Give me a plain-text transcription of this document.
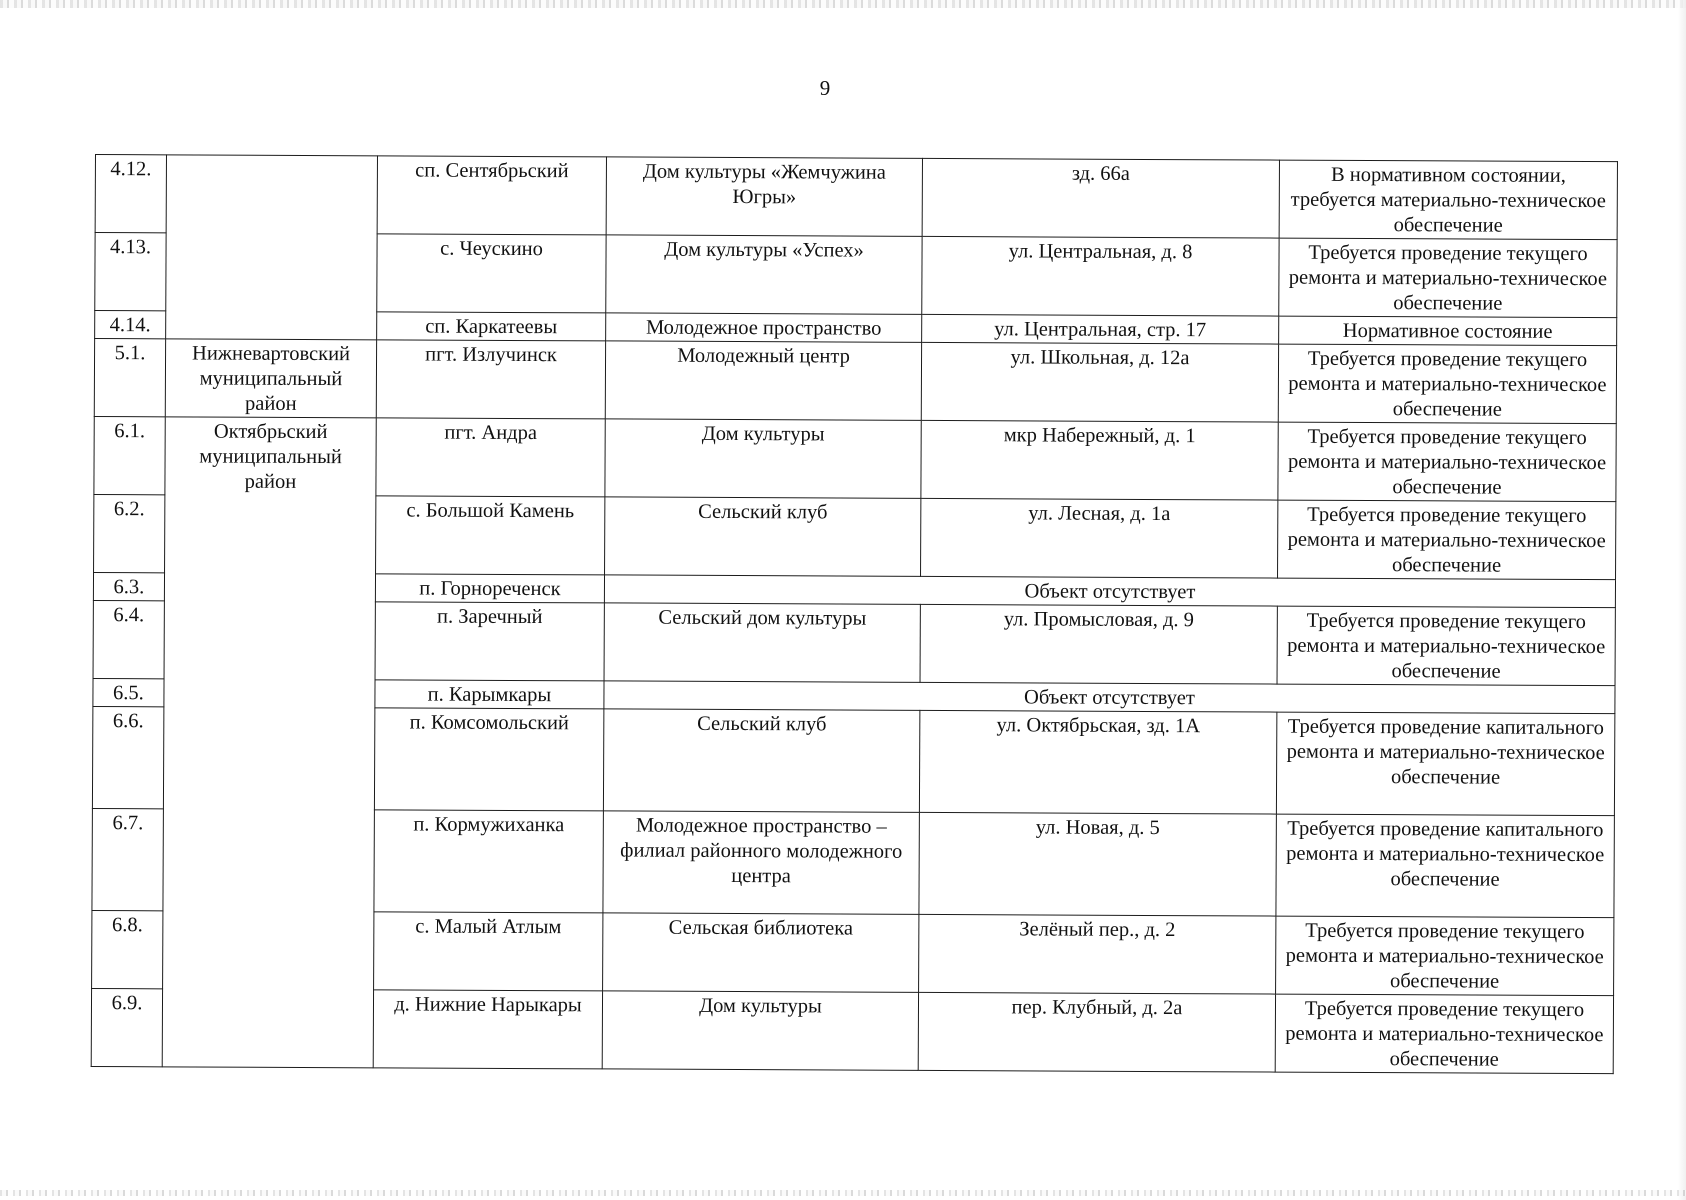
9
4.12.		сп. Сентябрьский	Дом культуры «Жемчужина Югры»	зд. 66а	В нормативном состоянии, требуется материально-техническое обеспечение
4.13.		с. Чеускино	Дом культуры «Успех»	ул. Центральная, д. 8	Требуется проведение текущего ремонта и материально-техническое обеспечение
4.14.		сп. Каркатеевы	Молодежное пространство	ул. Центральная, стр. 17	Нормативное состояние
5.1.	Нижневартовский муниципальный район	пгт. Излучинск	Молодежный центр	ул. Школьная, д. 12а	Требуется проведение текущего ремонта и материально-техническое обеспечение
6.1.	Октябрьский муниципальный район	пгт. Андра	Дом культуры	мкр Набережный, д. 1	Требуется проведение текущего ремонта и материально-техническое обеспечение
6.2.		с. Большой Камень	Сельский клуб	ул. Лесная, д. 1а	Требуется проведение текущего ремонта и материально-техническое обеспечение
6.3.		п. Горнореченск	Объект отсутствует		
6.4.		п. Заречный	Сельский дом культуры	ул. Промысловая, д. 9	Требуется проведение текущего ремонта и материально-техническое обеспечение
6.5.		п. Карымкары	Объект отсутствует		
6.6.		п. Комсомольский	Сельский клуб	ул. Октябрьская, зд. 1А	Требуется проведение капитального ремонта и материально-техническое обеспечение
6.7.		п. Кормужиханка	Молодежное пространство – филиал районного молодежного центра	ул. Новая, д. 5	Требуется проведение капитального ремонта и материально-техническое обеспечение
6.8.		с. Малый Атлым	Сельская библиотека	Зелёный пер., д. 2	Требуется проведение текущего ремонта и материально-техническое обеспечение
6.9.		д. Нижние Нарыкары	Дом культуры	пер. Клубный, д. 2а	Требуется проведение текущего ремонта и материально-техническое обеспечение
